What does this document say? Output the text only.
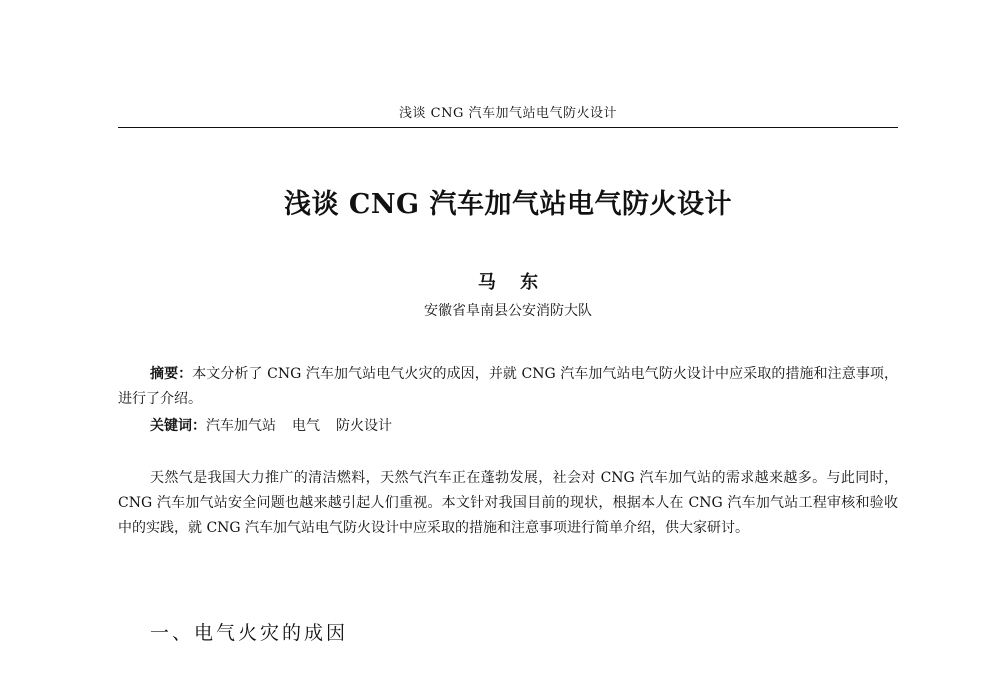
浅谈 CNG 汽车加气站电气防火设计
浅谈 CNG 汽车加气站电气防火设计
马 东
安徽省阜南县公安消防大队
摘要：本文分析了 CNG 汽车加气站电气火灾的成因，并就 CNG 汽车加气站电气防火设计中应采取的措施和注意事项，进行了介绍。
关键词：汽车加气站 电气 防火设计
天然气是我国大力推广的清洁燃料，天然气汽车正在蓬勃发展，社会对 CNG 汽车加气站的需求越来越多。与此同时，CNG 汽车加气站安全问题也越来越引起人们重视。本文针对我国目前的现状，根据本人在 CNG 汽车加气站工程审核和验收中的实践，就 CNG 汽车加气站电气防火设计中应采取的措施和注意事项进行简单介绍，供大家研讨。
一、电气火灾的成因
